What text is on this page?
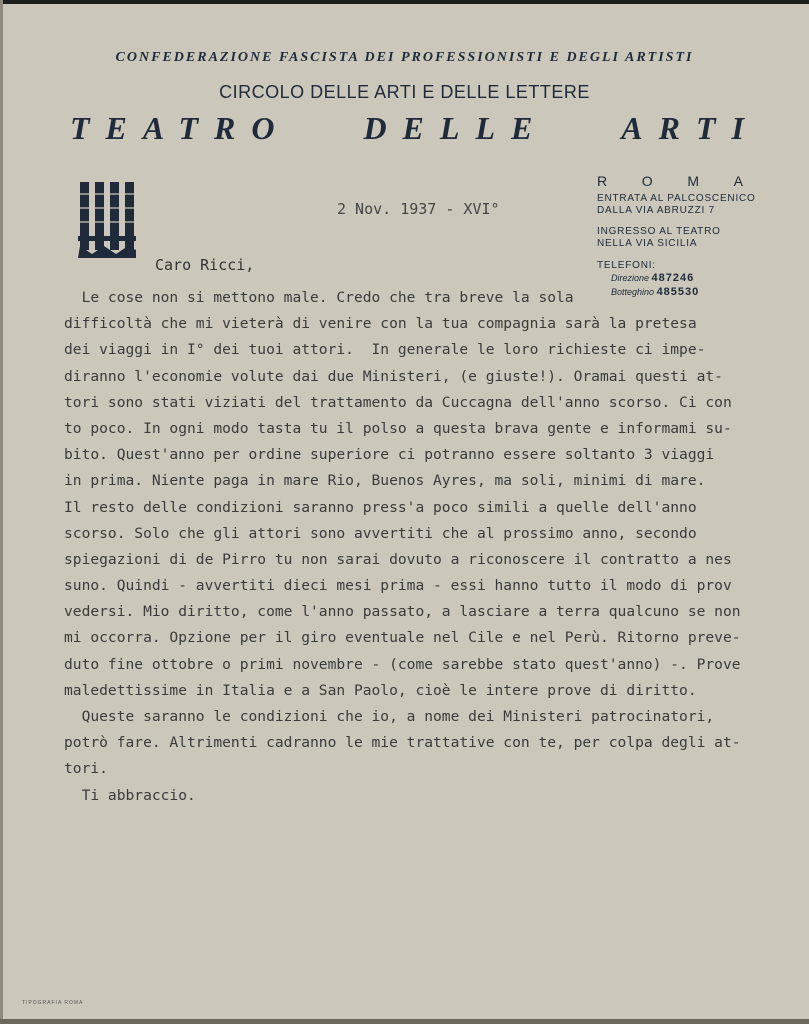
CONFEDERAZIONE FASCISTA DEI PROFESSIONISTI E DEGLI ARTISTI
CIRCOLO DELLE ARTI E DELLE LETTERE
TEATRO DELLE ARTI
2 Nov. 1937 - XVI°
R O M A
ENTRATA AL PALCOSCENICO
DALLA VIA ABRUZZI 7
INGRESSO AL TEATRO
NELLA VIA SICILIA
TELEFONI:
Direzione 487246
Botteghino 485530
Caro Ricci,
Le cose non si mettono male. Credo che tra breve la sola
difficoltà che mi vieterà di venire con la tua compagnia sarà la pretesa
dei viaggi in I° dei tuoi attori.  In generale le loro richieste ci impe-
diranno l'economie volute dai due Ministeri, (e giuste!). Oramai questi at-
tori sono stati viziati del trattamento da Cuccagna dell'anno scorso. Ci con
to poco. In ogni modo tasta tu il polso a questa brava gente e informami su-
bito. Quest'anno per ordine superiore ci potranno essere soltanto 3 viaggi
in prima. Niente paga in mare Rio, Buenos Ayres, ma soli, minimi di mare.
Il resto delle condizioni saranno press'a poco simili a quelle dell'anno
scorso. Solo che gli attori sono avvertiti che al prossimo anno, secondo
spiegazioni di de Pirro tu non sarai dovuto a riconoscere il contratto a nes
suno. Quindi - avvertiti dieci mesi prima - essi hanno tutto il modo di prov
vedersi. Mio diritto, come l'anno passato, a lasciare a terra qualcuno se non
mi occorra. Opzione per il giro eventuale nel Cile e nel Perù. Ritorno preve-
duto fine ottobre o primi novembre - (come sarebbe stato quest'anno) -. Prove
maledettissime in Italia e a San Paolo, cioè le intere prove di diritto.
Queste saranno le condizioni che io, a nome dei Ministeri patrocinatori,
potrò fare. Altrimenti cadranno le mie trattative con te, per colpa degli at-
tori.
Ti abbraccio.
TIPOGRAFIA ROMA
